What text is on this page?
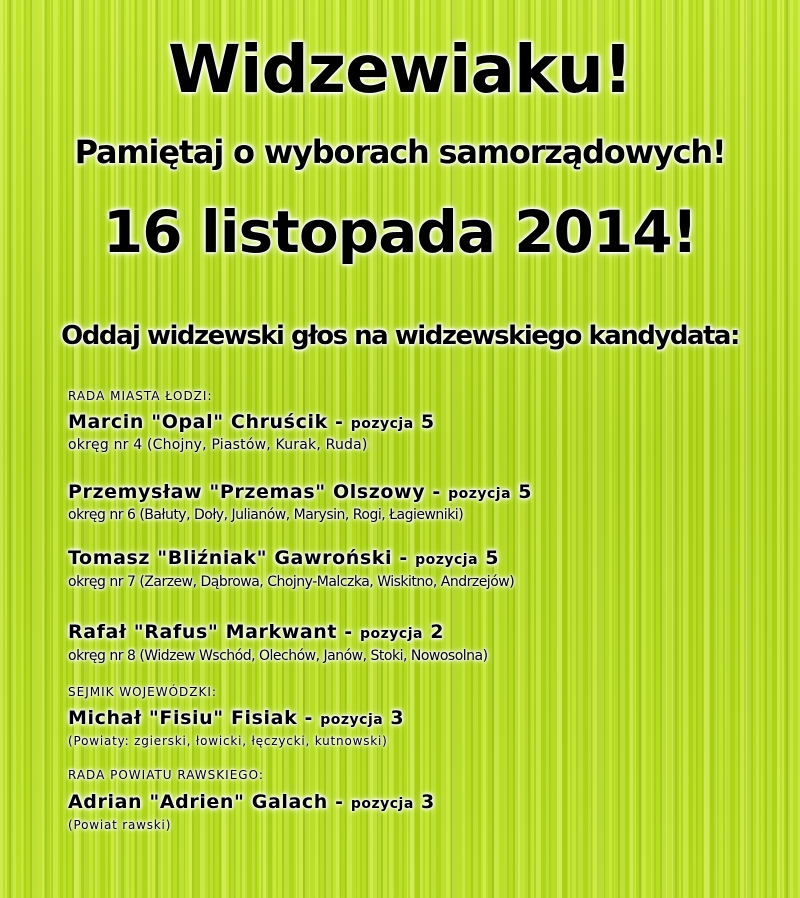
Widzewiaku!
Pamiętaj o wyborach samorządowych!
16 listopada 2014!
Oddaj widzewski głos na widzewskiego kandydata:
RADA MIASTA ŁODZI:
Marcin "Opal" Chruścik - pozycja 5
okręg nr 4 (Chojny, Piastów, Kurak, Ruda)
Przemysław "Przemas" Olszowy - pozycja 5
okręg nr 6 (Bałuty, Doły, Julianów, Marysin, Rogi, Łagiewniki)
Tomasz "Bliźniak" Gawroński - pozycja 5
okręg nr 7 (Zarzew, Dąbrowa, Chojny-Malczka, Wiskitno, Andrzejów)
Rafał "Rafus" Markwant - pozycja 2
okręg nr 8 (Widzew Wschód, Olechów, Janów, Stoki, Nowosolna)
SEJMIK WOJEWÓDZKI:
Michał "Fisiu" Fisiak - pozycja 3
(Powiaty: zgierski, łowicki, łęczycki, kutnowski)
RADA POWIATU RAWSKIEGO:
Adrian "Adrien" Galach - pozycja 3
(Powiat rawski)
